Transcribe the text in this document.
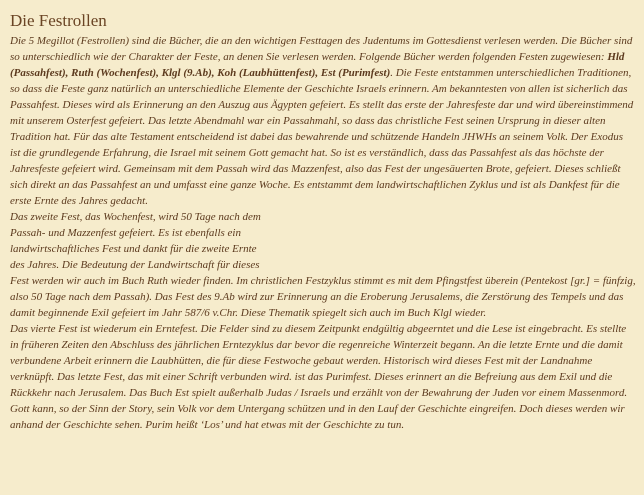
Die Festrollen

Die 5 Megillot (Festrollen) sind die Bücher, die an den wichtigen Festtagen des Judentums im Gottesdienst verlesen werden. Die Bücher sind so unterschiedlich wie der Charakter der Feste, an denen Sie verlesen werden. Folgende Bücher werden folgenden Festen zugewiesen: Hld (Passahfest), Ruth (Wochenfest), Klgl (9.Ab), Koh (Laubhüttenfest), Est (Purimfest). Die Feste entstammen unterschiedlichen Traditionen, so dass die Feste ganz natürlich an unterschiedliche Elemente der Geschichte Israels erinnern. Am bekanntesten von allen ist sicherlich das Passahfest. Dieses wird als Erinnerung an den Auszug aus Ägypten gefeiert. Es stellt das erste der Jahresfeste dar und wird übereinstimmend mit unserem Osterfest gefeiert. Das letzte Abendmahl war ein Passahmahl, so dass das christliche Fest seinen Ursprung in dieser alten Tradition hat. Für das alte Testament entscheidend ist dabei das bewahrende und schützende Handeln JHWHs an seinem Volk. Der Exodus ist die grundlegende Erfahrung, die Israel mit seinem Gott gemacht hat. So ist es verständlich, dass das Passahfest als das höchste der Jahresfeste gefeiert wird. Gemeinsam mit dem Passah wird das Mazzenfest, also das Fest der ungesäuerten Brote, gefeiert. Dieses schließt sich direkt an das Passahfest an und umfasst eine ganze Woche. Es entstammt dem landwirtschaftlichen Zyklus und ist als Dankfest für die erste Ernte des Jahres gedacht.

Das zweite Fest, das Wochenfest, wird 50 Tage nach dem
Passah- und Mazzenfest gefeiert. Es ist ebenfalls ein
landwirtschaftliches Fest und dankt für die zweite Ernte
des Jahres. Die Bedeutung der Landwirtschaft für dieses
Fest werden wir auch im Buch Ruth wieder finden. Im christlichen Festzyklus stimmt es mit dem Pfingstfest überein (Pentekost [gr.] = fünfzig, also 50 Tage nach dem Passah). Das Fest des 9.Ab wird zur Erinnerung an die Eroberung Jerusalems, die Zerstörung des Tempels und das damit beginnende Exil gefeiert im Jahr 587/6 v.Chr. Diese Thematik spiegelt sich auch im Buch Klgl wieder.

Das vierte Fest ist wiederum ein Erntefest. Die Felder sind zu diesem Zeitpunkt endgültig abgeerntet und die Lese ist eingebracht. Es stellte in früheren Zeiten den Abschluss des jährlichen Erntezyklus dar bevor die regenreiche Winterzeit begann. An die letzte Ernte und die damit verbundene Arbeit erinnern die Laubhütten, die für diese Festwoche gebaut werden. Historisch wird dieses Fest mit der Landnahme verknüpft. Das letzte Fest, das mit einer Schrift verbunden wird. ist das Purimfest. Dieses erinnert an die Befreiung aus dem Exil und die Rückkehr nach Jerusalem. Das Buch Est spielt außerhalb Judas / Israels und erzählt von der Bewahrung der Juden vor einem Massenmord. Gott kann, so der Sinn der Story, sein Volk vor dem Untergang schützen und in den Lauf der Geschichte eingreifen. Doch dieses werden wir anhand der Geschichte sehen. Purim heißt ‘Los’ und hat etwas mit der Geschichte zu tun.
